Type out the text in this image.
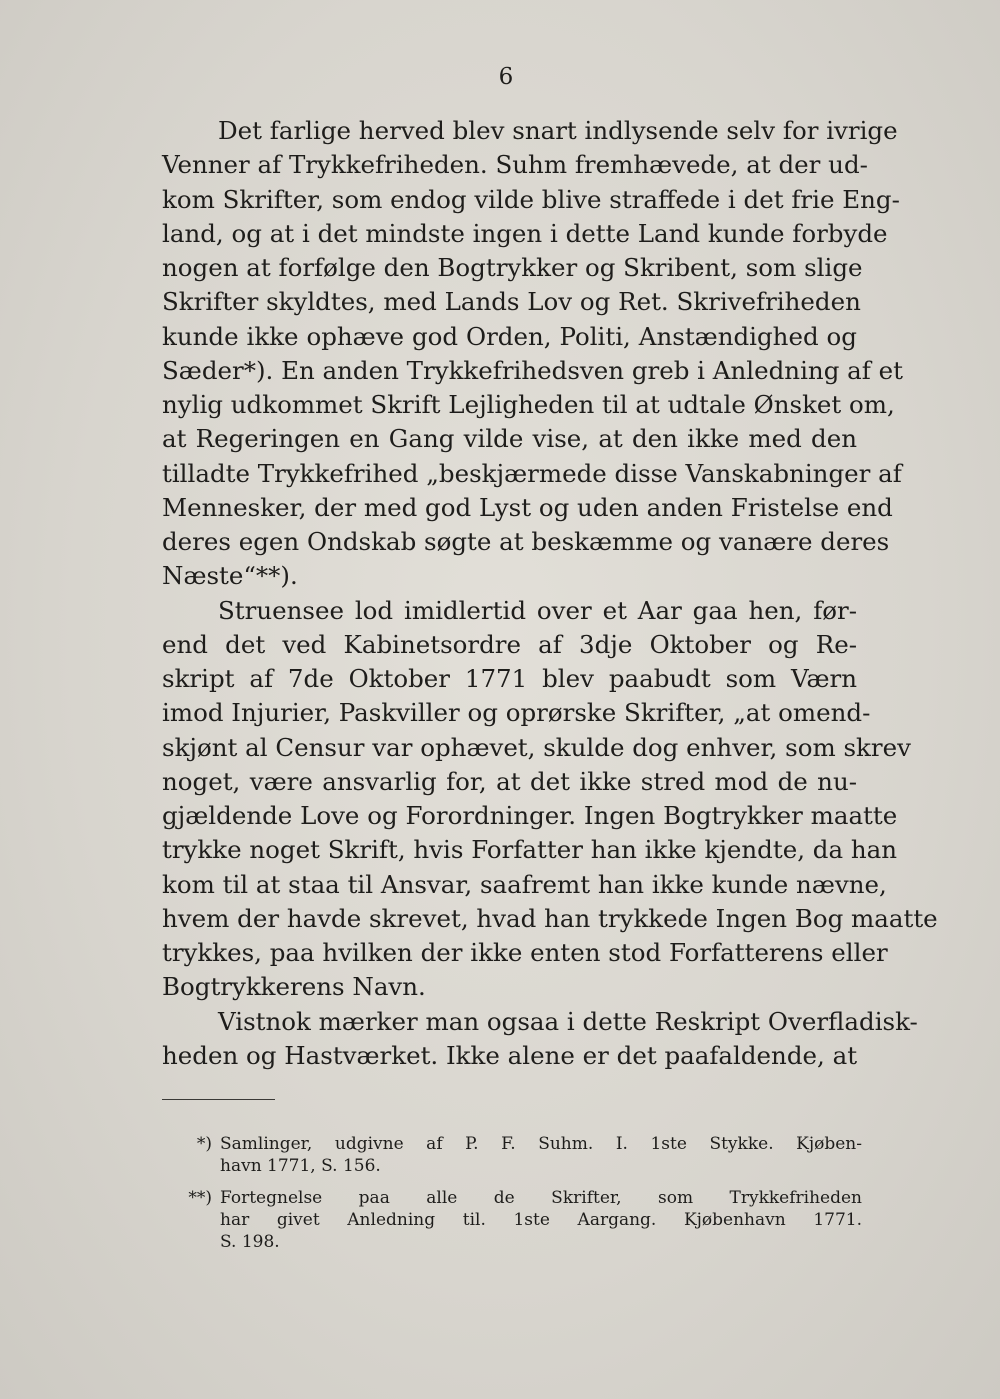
6
Det farlige herved blev snart indlysende selv for ivrige
Venner af Trykkefriheden. Suhm fremhævede, at der ud-
kom Skrifter, som endog vilde blive straffede i det frie Eng-
land, og at i det mindste ingen i dette Land kunde forbyde
nogen at forfølge den Bogtrykker og Skribent, som slige
Skrifter skyldtes, med Lands Lov og Ret. Skrivefriheden
kunde ikke ophæve god Orden, Politi, Anstændighed og
Sæder*). En anden Trykkefrihedsven greb i Anledning af et
nylig udkommet Skrift Lejligheden til at udtale Ønsket om,
at Regeringen en Gang vilde vise, at den ikke med den
tilladte Trykkefrihed „beskjærmede disse Vanskabninger af
Mennesker, der med god Lyst og uden anden Fristelse end
deres egen Ondskab søgte at beskæmme og vanære deres
Næste“**).
Struensee lod imidlertid over et Aar gaa hen, før-
end det ved Kabinetsordre af 3dje Oktober og Re-
skript af 7de Oktober 1771 blev paabudt som Værn
imod Injurier, Paskviller og oprørske Skrifter, „at omend-
skjønt al Censur var ophævet, skulde dog enhver, som skrev
noget, være ansvarlig for, at det ikke stred mod de nu-
gjældende Love og Forordninger. Ingen Bogtrykker maatte
trykke noget Skrift, hvis Forfatter han ikke kjendte, da han
kom til at staa til Ansvar, saafremt han ikke kunde nævne,
hvem der havde skrevet, hvad han trykkede Ingen Bog maatte
trykkes, paa hvilken der ikke enten stod Forfatterens eller
Bogtrykkerens Navn.
Vistnok mærker man ogsaa i dette Reskript Overfladisk-
heden og Hastværket. Ikke alene er det paafaldende, at
*) Samlinger, udgivne af P. F. Suhm. I. 1ste Stykke. Kjøben-
havn 1771, S. 156.
**) Fortegnelse paa alle de Skrifter, som Trykkefriheden
har givet Anledning til. 1ste Aargang. Kjøbenhavn 1771.
S. 198.
